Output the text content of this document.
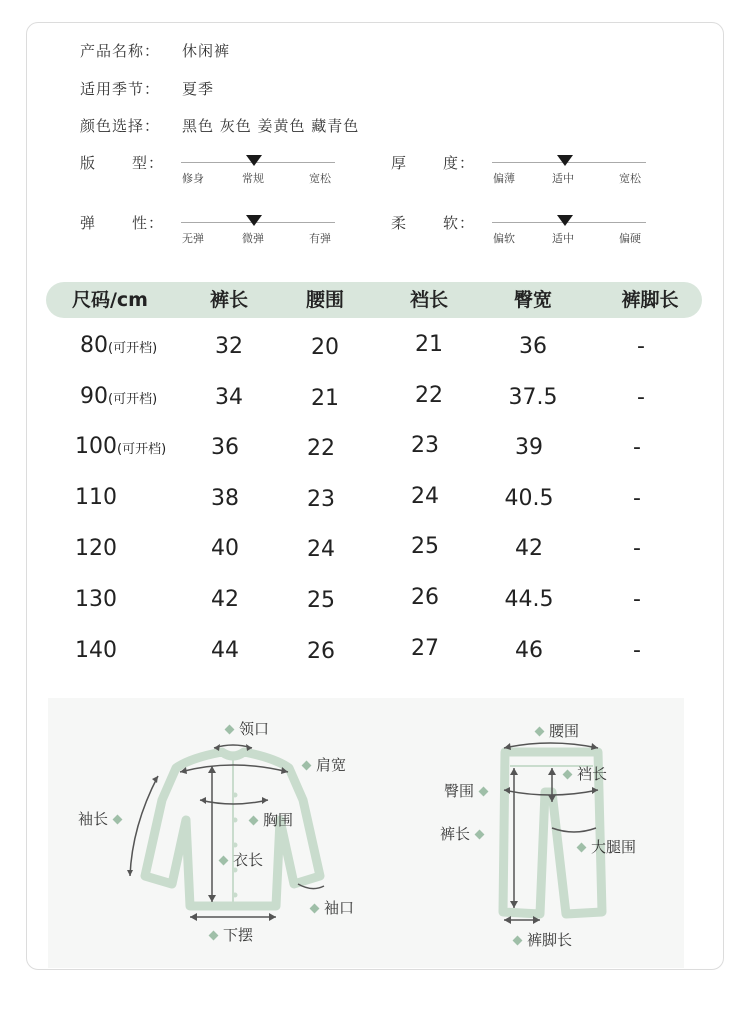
产品名称： 休闲裤
适用季节： 夏季
颜色选择： 黑色 灰色 姜黄色 藏青色
版 型：
修身	常规	宽松
厚 度：
偏薄	适中	宽松
弹 性：
无弹	微弹	有弹
柔 软：
偏软	适中	偏硬
尺码/cm	裤长	腰围	裆长	臀宽	裤脚长
80(可开档)	32	20	21	36	-
90(可开档)	34	21	22	37.5	-
100(可开档)	36	22	23	39	-
110	38	23	24	40.5	-
120	40	24	25	42	-
130	42	25	26	44.5	-
140	44	26	27	46	-
领口
肩宽
袖长	胸围
衣长
袖口
下摆
腰围
臀围
裆长
裤长
大腿围
裤脚长
